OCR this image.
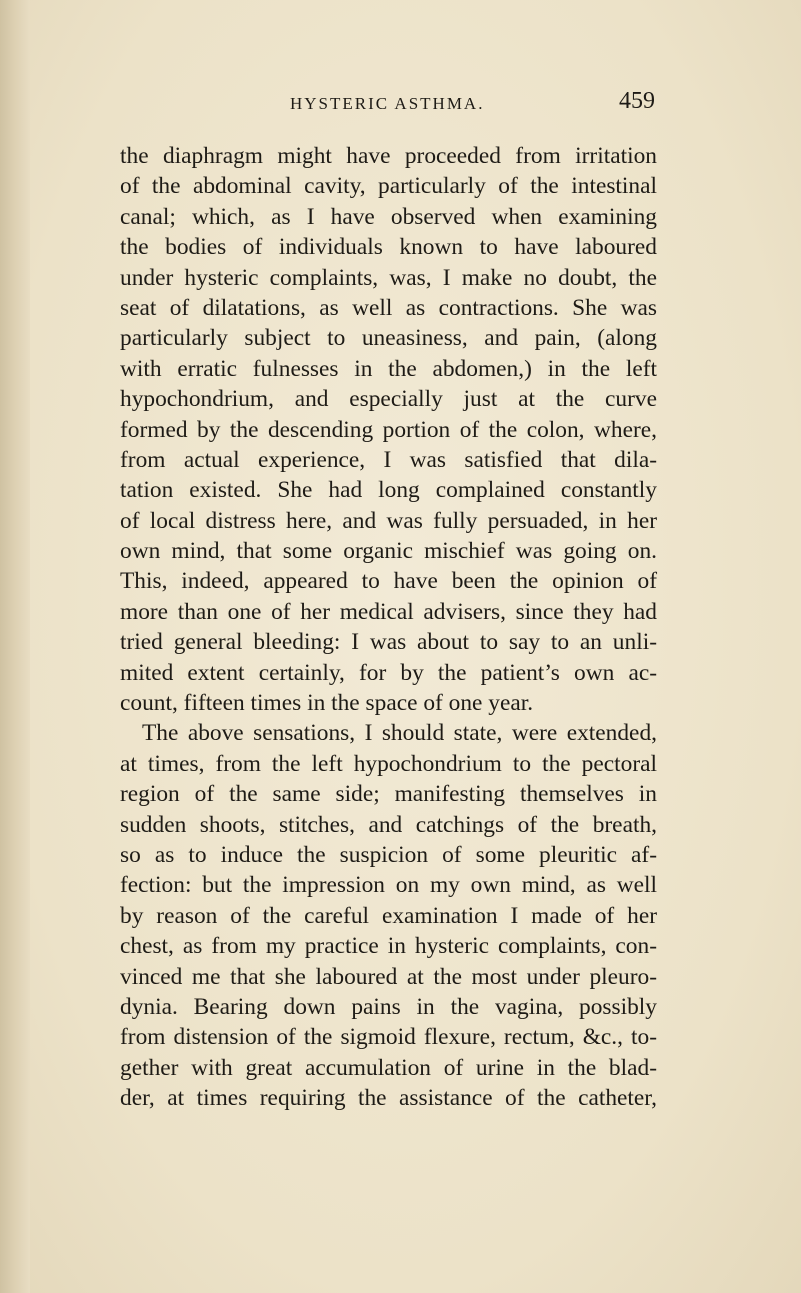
HYSTERIC ASTHMA.	459
the diaphragm might have proceeded from irritation
of the abdominal cavity, particularly of the intestinal
canal; which, as I have observed when examining
the bodies of individuals known to have laboured
under hysteric complaints, was, I make no doubt, the
seat of dilatations, as well as contractions. She was
particularly subject to uneasiness, and pain, (along
with erratic fulnesses in the abdomen,) in the left
hypochondrium, and especially just at the curve
formed by the descending portion of the colon, where,
from actual experience, I was satisfied that dila-
tation existed. She had long complained constantly
of local distress here, and was fully persuaded, in her
own mind, that some organic mischief was going on.
This, indeed, appeared to have been the opinion of
more than one of her medical advisers, since they had
tried general bleeding: I was about to say to an unli-
mited extent certainly, for by the patient’s own ac-
count, fifteen times in the space of one year.
The above sensations, I should state, were extended,
at times, from the left hypochondrium to the pectoral
region of the same side; manifesting themselves in
sudden shoots, stitches, and catchings of the breath,
so as to induce the suspicion of some pleuritic af-
fection: but the impression on my own mind, as well
by reason of the careful examination I made of her
chest, as from my practice in hysteric complaints, con-
vinced me that she laboured at the most under pleuro-
dynia. Bearing down pains in the vagina, possibly
from distension of the sigmoid flexure, rectum, &c., to-
gether with great accumulation of urine in the blad-
der, at times requiring the assistance of the catheter,
